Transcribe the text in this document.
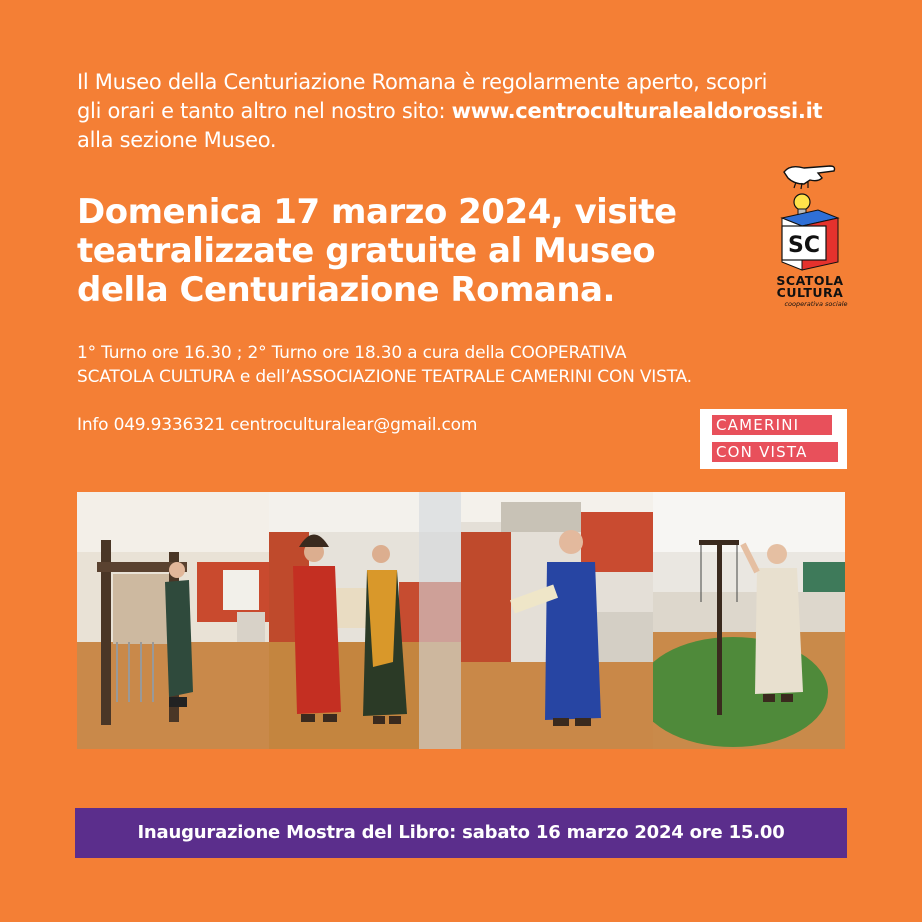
Il Museo della Centuriazione Romana è regolarmente aperto, scopri
gli orari e tanto altro nel nostro sito: www.centroculturalealdorossi.it
alla sezione Museo.
Domenica 17 marzo 2024, visite
teatralizzate gratuite al Museo
della Centuriazione Romana.
SC
SCATOLA
CULTURA
cooperativa sociale
1° Turno ore 16.30 ; 2° Turno ore 18.30 a cura della COOPERATIVA
SCATOLA CULTURA e dell’ASSOCIAZIONE TEATRALE CAMERINI CON VISTA.
Info 049.9336321 centroculturalear@gmail.com	CAMERINI
CON VISTA
Inaugurazione Mostra del Libro: sabato 16 marzo 2024 ore 15.00
